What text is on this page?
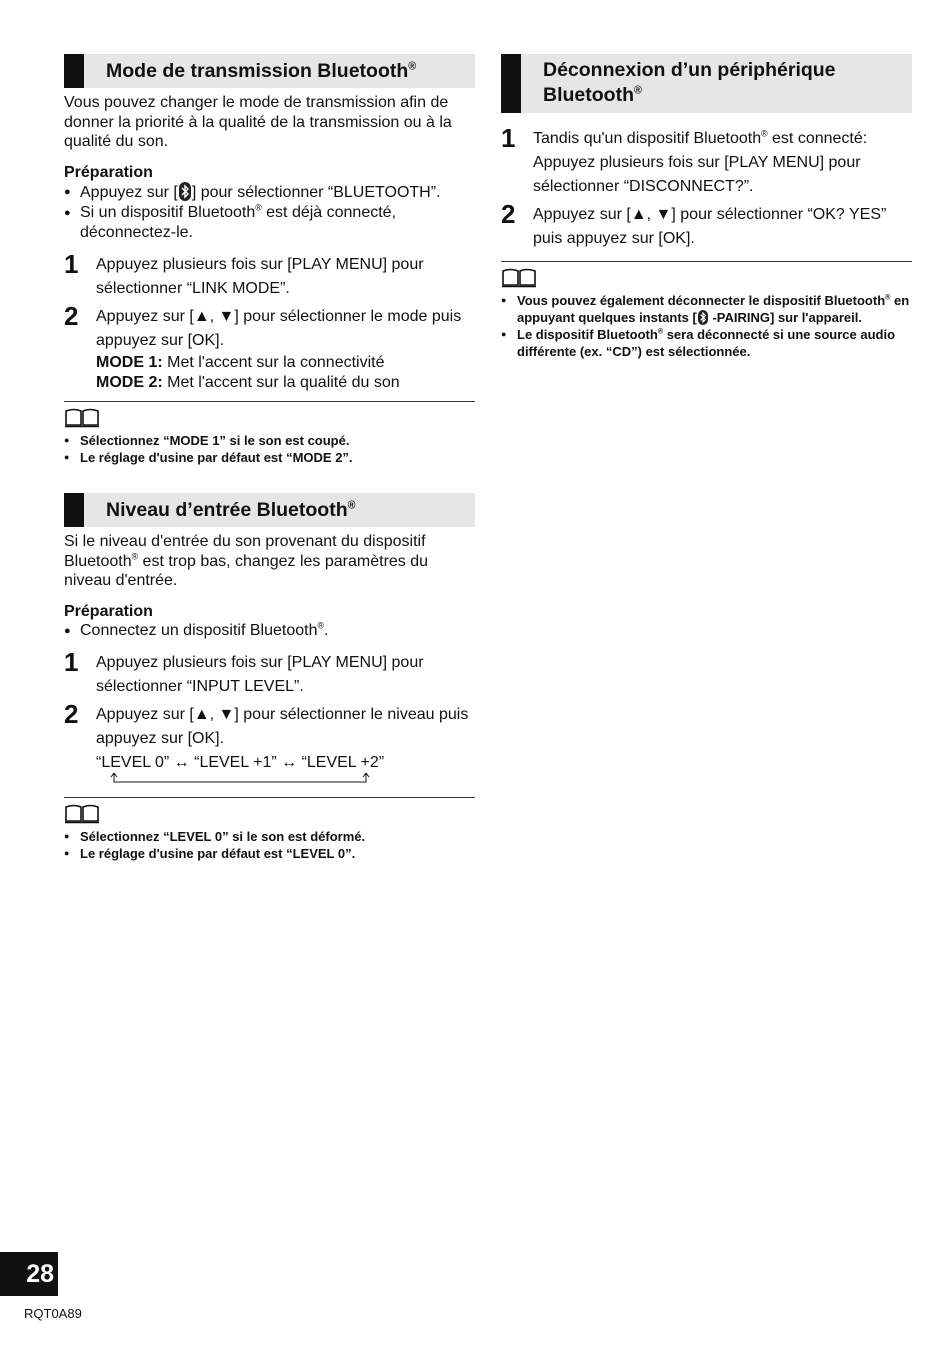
Mode de transmission Bluetooth®

Vous pouvez changer le mode de transmission afin de donner la priorité à la qualité de la transmission ou à la qualité du son.

Préparation

● Appuyez sur [ ] pour sélectionner “BLUETOOTH”.
● Si un dispositif Bluetooth® est déjà connecté, déconnectez-le.
1 Appuyez plusieurs fois sur [PLAY MENU] pour sélectionner “LINK MODE”.
2 Appuyez sur [▲, ▼] pour sélectionner le mode puis appuyez sur [OK].
MODE 1: Met l'accent sur la connectivité
MODE 2: Met l'accent sur la qualité du son
● Sélectionnez “MODE 1” si le son est coupé.
● Le réglage d'usine par défaut est “MODE 2”.
Niveau d’entrée Bluetooth®

Si le niveau d'entrée du son provenant du dispositif Bluetooth® est trop bas, changez les paramètres du niveau d'entrée.

Préparation

● Connectez un dispositif Bluetooth®.
1 Appuyez plusieurs fois sur [PLAY MENU] pour sélectionner “INPUT LEVEL”.
2 Appuyez sur [▲, ▼] pour sélectionner le niveau puis appuyez sur [OK].
“LEVEL 0” ↔ “LEVEL +1” ↔ “LEVEL +2”
● Sélectionnez “LEVEL 0” si le son est déformé.
● Le réglage d'usine par défaut est “LEVEL 0”.
Déconnexion d’un périphérique
Bluetooth®
1 Tandis qu'un dispositif Bluetooth® est connecté: Appuyez plusieurs fois sur [PLAY MENU] pour sélectionner “DISCONNECT?”.
2 Appuyez sur [▲, ▼] pour sélectionner “OK? YES” puis appuyez sur [OK].
● Vous pouvez également déconnecter le dispositif Bluetooth® en appuyant quelques instants [
-PAIRING] sur l'appareil.
● Le dispositif Bluetooth® sera déconnecté si une source audio différente (ex. “CD”) est sélectionnée.
28
RQT0A89
